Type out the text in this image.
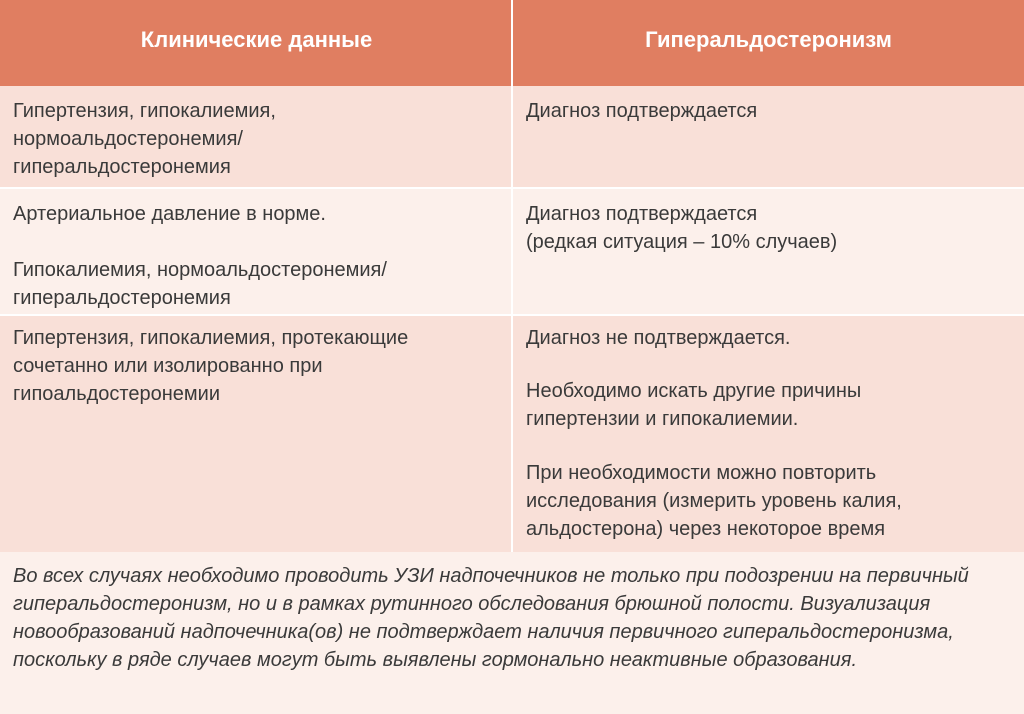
Клинические данные	Гиперальдостеронизм
Гипертензия, гипокалиемия,
нормоальдостеронемия/
гиперальдостеронемия
Диагноз подтверждается
Артериальное давление в норме.
Гипокалиемия, нормоальдостеронемия/
гиперальдостеронемия
Диагноз подтверждается
(редкая ситуация – 10% случаев)
Гипертензия, гипокалиемия, протекающие
сочетанно или изолированно при
гипоальдостеронемии
Диагноз не подтверждается.
Необходимо искать другие причины
гипертензии и гипокалиемии.
При необходимости можно повторить
исследования (измерить уровень калия,
альдостерона) через некоторое время
Во всех случаях необходимо проводить УЗИ надпочечников не только при подозрении на первичный гиперальдостеронизм, но и в рамках рутинного обследования брюшной полости. Визуализация новообразований надпочечника(ов) не подтверждает наличия первичного гиперальдостеронизма, поскольку в ряде случаев могут быть выявлены гормонально неактивные образования.
